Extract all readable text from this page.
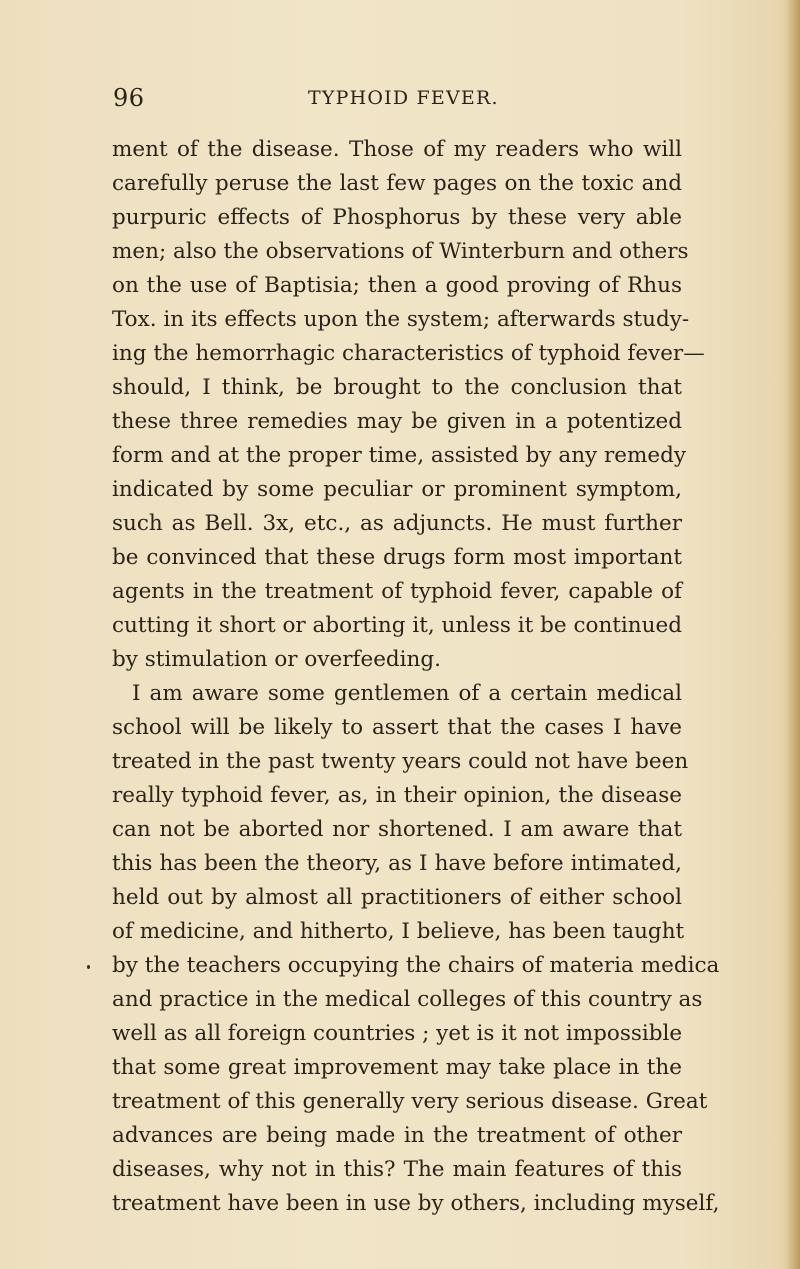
96	TYPHOID FEVER.
ment of the disease. Those of my readers who will
carefully peruse the last few pages on the toxic and
purpuric effects of Phosphorus by these very able
men; also the observations of Winterburn and others
on the use of Baptisia; then a good proving of Rhus
Tox. in its effects upon the system; afterwards study-
ing the hemorrhagic characteristics of typhoid fever—
should, I think, be brought to the conclusion that
these three remedies may be given in a potentized
form and at the proper time, assisted by any remedy
indicated by some peculiar or prominent symptom,
such as Bell. 3x, etc., as adjuncts. He must further
be convinced that these drugs form most important
agents in the treatment of typhoid fever, capable of
cutting it short or aborting it, unless it be continued
by stimulation or overfeeding.
I am aware some gentlemen of a certain medical
school will be likely to assert that the cases I have
treated in the past twenty years could not have been
really typhoid fever, as, in their opinion, the disease
can not be aborted nor shortened. I am aware that
this has been the theory, as I have before intimated,
held out by almost all practitioners of either school
of medicine, and hitherto, I believe, has been taught
by the teachers occupying the chairs of materia medica
and practice in the medical colleges of this country as
well as all foreign countries ; yet is it not impossible
that some great improvement may take place in the
treatment of this generally very serious disease. Great
advances are being made in the treatment of other
diseases, why not in this? The main features of this
treatment have been in use by others, including myself,
